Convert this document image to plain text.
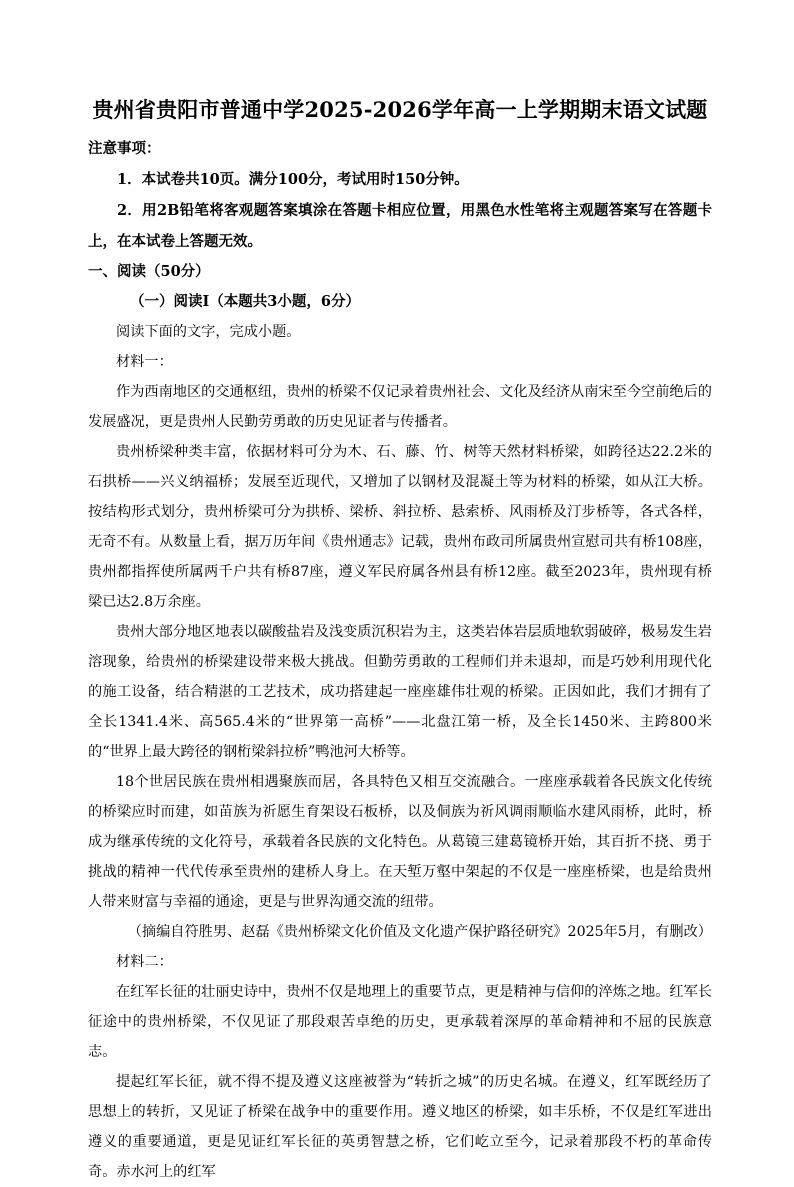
贵州省贵阳市普通中学2025-2026学年高一上学期期末语文试题
注意事项：

1．本试卷共10页。满分100分，考试用时150分钟。

2．用2B铅笔将客观题答案填涂在答题卡相应位置，用黑色水性笔将主观题答案写在答题卡上，在本试卷上答题无效。

一、阅读（50分）

（一）阅读Ⅰ（本题共3小题，6分）

阅读下面的文字，完成小题。

材料一：

作为西南地区的交通枢纽，贵州的桥梁不仅记录着贵州社会、文化及经济从南宋至今空前绝后的发展盛况，更是贵州人民勤劳勇敢的历史见证者与传播者。

贵州桥梁种类丰富，依据材料可分为木、石、藤、竹、树等天然材料桥梁，如跨径达22.2米的石拱桥——兴义纳福桥；发展至近现代，又增加了以钢材及混凝土等为材料的桥梁，如从江大桥。按结构形式划分，贵州桥梁可分为拱桥、梁桥、斜拉桥、悬索桥、风雨桥及汀步桥等，各式各样，无奇不有。从数量上看，据万历年间《贵州通志》记载，贵州布政司所属贵州宣慰司共有桥108座，贵州都指挥使所属两千户共有桥87座，遵义军民府属各州县有桥12座。截至2023年，贵州现有桥梁已达2.8万余座。

贵州大部分地区地表以碳酸盐岩及浅变质沉积岩为主，这类岩体岩层质地软弱破碎，极易发生岩溶现象，给贵州的桥梁建设带来极大挑战。但勤劳勇敢的工程师们并未退却，而是巧妙利用现代化的施工设备，结合精湛的工艺技术，成功搭建起一座座雄伟壮观的桥梁。正因如此，我们才拥有了全长1341.4米、高565.4米的“世界第一高桥”——北盘江第一桥，及全长1450米、主跨800米的“世界上最大跨径的钢桁梁斜拉桥”鸭池河大桥等。

18个世居民族在贵州相遇聚族而居，各具特色又相互交流融合。一座座承载着各民族文化传统的桥梁应时而建，如苗族为祈愿生育架设石板桥，以及侗族为祈风调雨顺临水建风雨桥，此时，桥成为继承传统的文化符号，承载着各民族的文化特色。从葛镜三建葛镜桥开始，其百折不挠、勇于挑战的精神一代代传承至贵州的建桥人身上。在天堑万壑中架起的不仅是一座座桥梁，也是给贵州人带来财富与幸福的通途，更是与世界沟通交流的纽带。

（摘编自符胜男、赵磊《贵州桥梁文化价值及文化遗产保护路径研究》2025年5月，有删改）

材料二：

在红军长征的壮丽史诗中，贵州不仅是地理上的重要节点，更是精神与信仰的淬炼之地。红军长征途中的贵州桥梁，不仅见证了那段艰苦卓绝的历史，更承载着深厚的革命精神和不屈的民族意志。

提起红军长征，就不得不提及遵义这座被誉为“转折之城”的历史名城。在遵义，红军既经历了思想上的转折，又见证了桥梁在战争中的重要作用。遵义地区的桥梁，如丰乐桥，不仅是红军进出遵义的重要通道，更是见证红军长征的英勇智慧之桥，它们屹立至今，记录着那段不朽的革命传奇。赤水河上的红军
